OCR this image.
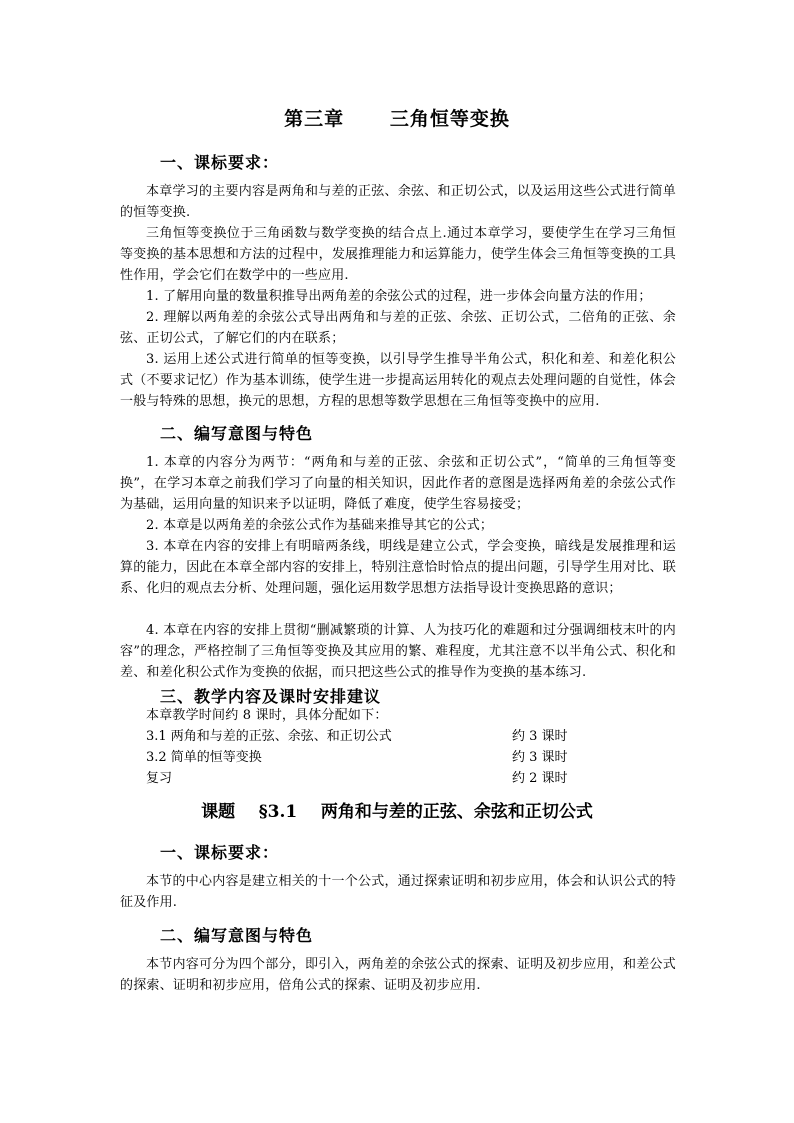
第三章      三角恒等变换
一、课标要求：
本章学习的主要内容是两角和与差的正弦、余弦、和正切公式，以及运用这些公式进行简单的恒等变换.
三角恒等变换位于三角函数与数学变换的结合点上.通过本章学习，要使学生在学习三角恒等变换的基本思想和方法的过程中，发展推理能力和运算能力，使学生体会三角恒等变换的工具性作用，学会它们在数学中的一些应用.
1. 了解用向量的数量积推导出两角差的余弦公式的过程，进一步体会向量方法的作用；
2. 理解以两角差的余弦公式导出两角和与差的正弦、余弦、正切公式，二倍角的正弦、余弦、正切公式，了解它们的内在联系；
3. 运用上述公式进行简单的恒等变换，以引导学生推导半角公式，积化和差、和差化积公式（不要求记忆）作为基本训练，使学生进一步提高运用转化的观点去处理问题的自觉性，体会一般与特殊的思想，换元的思想，方程的思想等数学思想在三角恒等变换中的应用.
二、编写意图与特色
1. 本章的内容分为两节：“两角和与差的正弦、余弦和正切公式”，“简单的三角恒等变换”，在学习本章之前我们学习了向量的相关知识，因此作者的意图是选择两角差的余弦公式作为基础，运用向量的知识来予以证明，降低了难度，使学生容易接受；
2. 本章是以两角差的余弦公式作为基础来推导其它的公式；
3. 本章在内容的安排上有明暗两条线，明线是建立公式，学会变换，暗线是发展推理和运算的能力，因此在本章全部内容的安排上，特别注意恰时恰点的提出问题，引导学生用对比、联系、化归的观点去分析、处理问题，强化运用数学思想方法指导设计变换思路的意识；
4. 本章在内容的安排上贯彻“删减繁琐的计算、人为技巧化的难题和过分强调细枝末叶的内容”的理念，严格控制了三角恒等变换及其应用的繁、难程度，尤其注意不以半角公式、积化和差、和差化积公式作为变换的依据，而只把这些公式的推导作为变换的基本练习.
三、教学内容及课时安排建议
本章教学时间约 8 课时，具体分配如下：
3.1 两角和与差的正弦、余弦、和正切公式	约 3 课时
3.2 简单的恒等变换	约 3 课时
复习	约 2 课时
课题    §3.1    两角和与差的正弦、余弦和正切公式
一、课标要求：
本节的中心内容是建立相关的十一个公式，通过探索证明和初步应用，体会和认识公式的特征及作用.
二、编写意图与特色
本节内容可分为四个部分，即引入，两角差的余弦公式的探索、证明及初步应用，和差公式的探索、证明和初步应用，倍角公式的探索、证明及初步应用.
